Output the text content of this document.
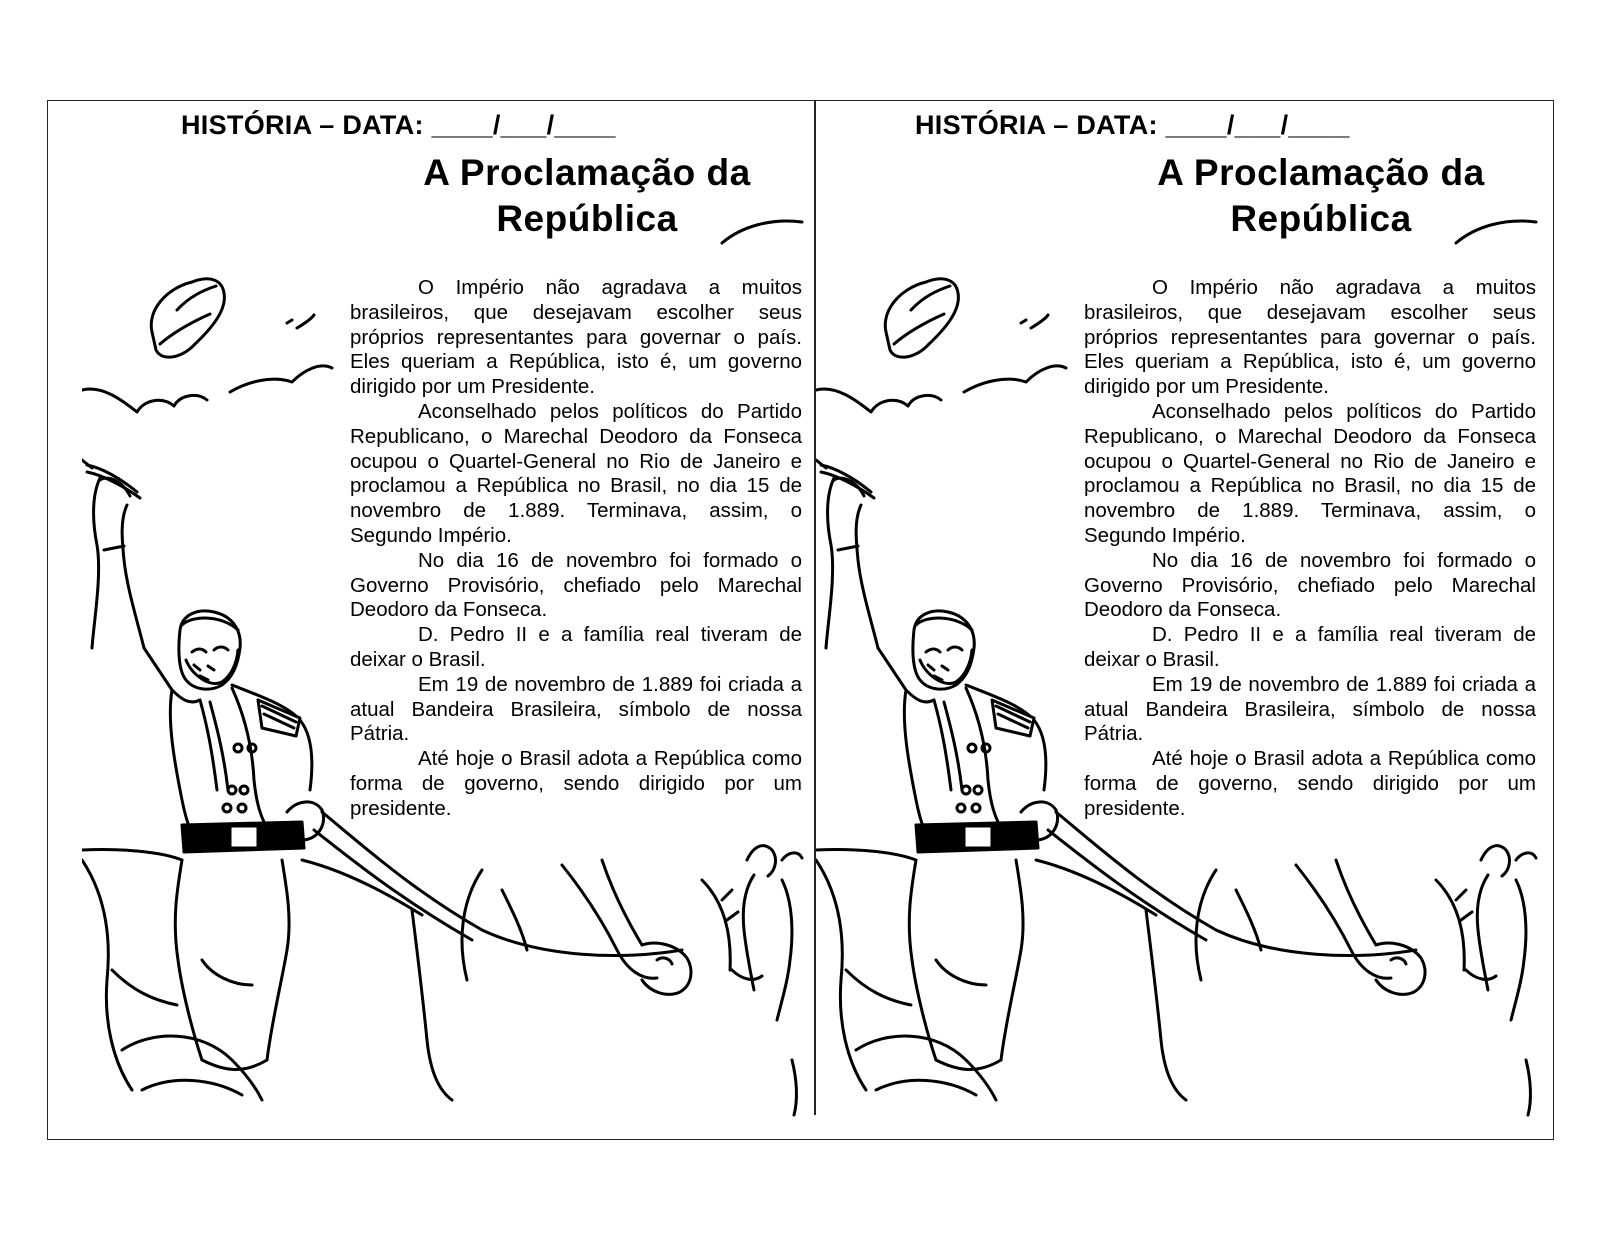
HISTÓRIA – DATA: ____/___/____
A Proclamação da
República

O Império não agradava a muitos brasileiros, que desejavam escolher seus próprios representantes para governar o país. Eles queriam a República, isto é, um governo dirigido por um Presidente.

Aconselhado pelos políticos do Partido Republicano, o Marechal Deodoro da Fonseca ocupou o Quartel-General no Rio de Janeiro e proclamou a República no Brasil, no dia 15 de novembro de 1.889. Terminava, assim, o Segundo Império.

No dia 16 de novembro foi formado o Governo Provisório, chefiado pelo Marechal Deodoro da Fonseca.

D. Pedro II e a família real tiveram de deixar o Brasil.

Em 19 de novembro de 1.889 foi criada a atual Bandeira Brasileira, símbolo de nossa Pátria.

Até hoje o Brasil adota a República como forma de governo, sendo dirigido por um presidente.

HISTÓRIA – DATA: ____/___/____
A Proclamação da
República

O Império não agradava a muitos brasileiros, que desejavam escolher seus próprios representantes para governar o país. Eles queriam a República, isto é, um governo dirigido por um Presidente.

Aconselhado pelos políticos do Partido Republicano, o Marechal Deodoro da Fonseca ocupou o Quartel-General no Rio de Janeiro e proclamou a República no Brasil, no dia 15 de novembro de 1.889. Terminava, assim, o Segundo Império.

No dia 16 de novembro foi formado o Governo Provisório, chefiado pelo Marechal Deodoro da Fonseca.

D. Pedro II e a família real tiveram de deixar o Brasil.

Em 19 de novembro de 1.889 foi criada a atual Bandeira Brasileira, símbolo de nossa Pátria.

Até hoje o Brasil adota a República como forma de governo, sendo dirigido por um presidente.
